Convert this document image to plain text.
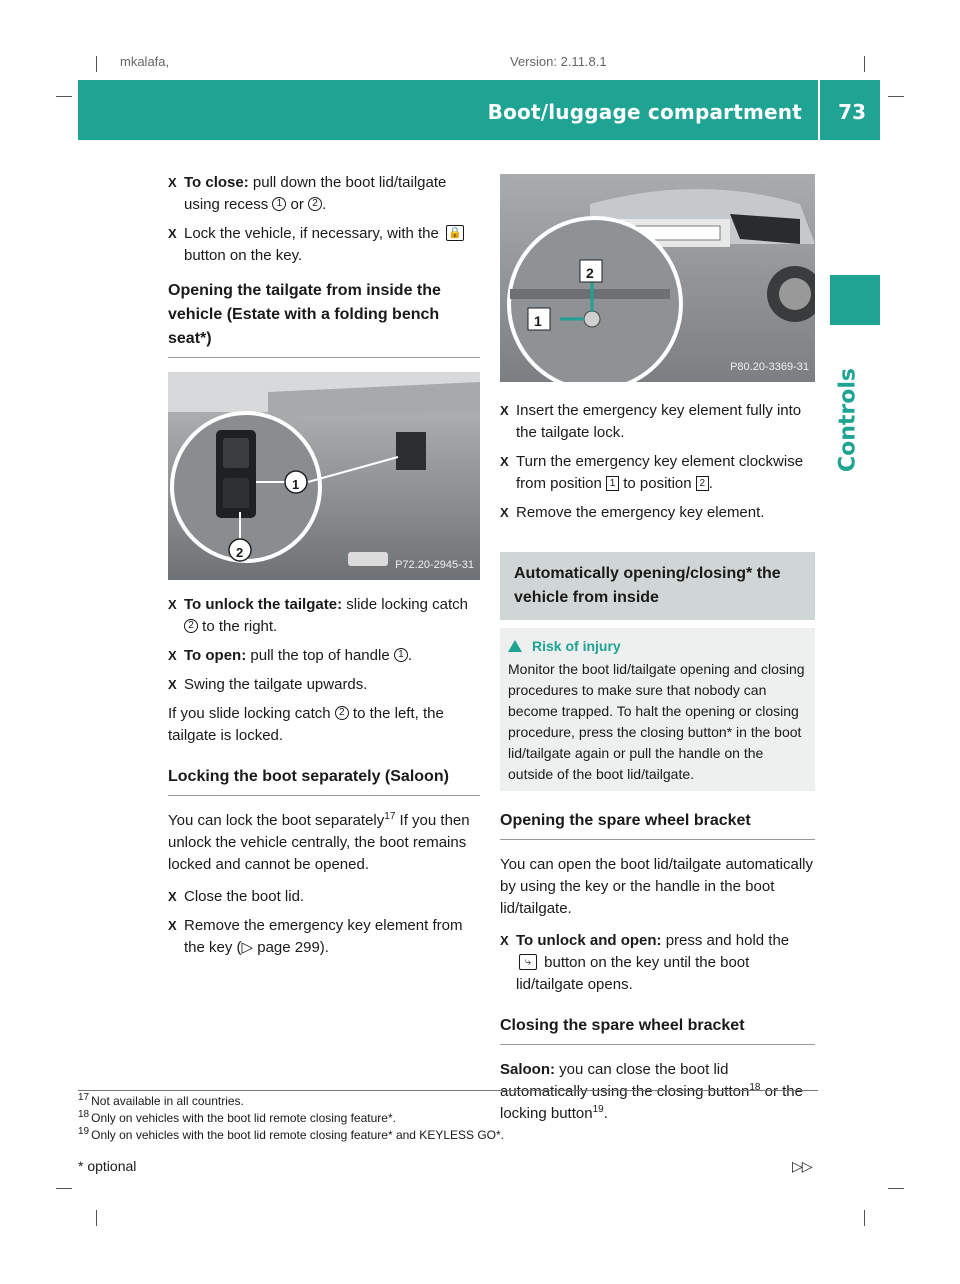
mkalafa,	Version: 2.11.8.1
Boot/luggage compartment 73
Controls
X To close: pull down the boot lid/tailgate using recess 1 or 2 .
X Lock the vehicle, if necessary, with the 🔒 button on the key.
Opening the tailgate from inside the vehicle (Estate with a folding bench seat*)
1
2
P72.20-2945-31
X To unlock the tailgate: slide locking catch 2 to the right.
X To open: pull the top of handle 1 .
X Swing the tailgate upwards.
If you slide locking catch 2 to the left, the tailgate is locked.
Locking the boot separately (Saloon)
You can lock the boot separately$^{17}$ If you then unlock the vehicle centrally, the boot remains locked and cannot be opened.
X Close the boot lid.
X Remove the emergency key element from the key (▷ page 299).
2
1
P80.20-3369-31
X Insert the emergency key element fully into the tailgate lock.
X Turn the emergency key element clockwise from position 1 to position 2 .
X Remove the emergency key element.
Automatically opening/closing* the vehicle from inside
Risk of injury
Monitor the boot lid/tailgate opening and closing procedures to make sure that nobody can become trapped. To halt the opening or closing procedure, press the closing button* in the boot lid/tailgate again or pull the handle on the outside of the boot lid/tailgate.
Opening the spare wheel bracket
You can open the boot lid/tailgate automatically by using the key or the handle in the boot lid/tailgate.
X To unlock and open: press and hold the ⤷ button on the key until the boot lid/tailgate opens.
Closing the spare wheel bracket
Saloon: you can close the boot lid automatically using the closing button$^{18}$ or the locking button$^{19}$.
$^{17}$ Not available in all countries.
$^{18}$ Only on vehicles with the boot lid remote closing feature*.
$^{19}$ Only on vehicles with the boot lid remote closing feature* and KEYLESS GO*.
* optional	▷▷
